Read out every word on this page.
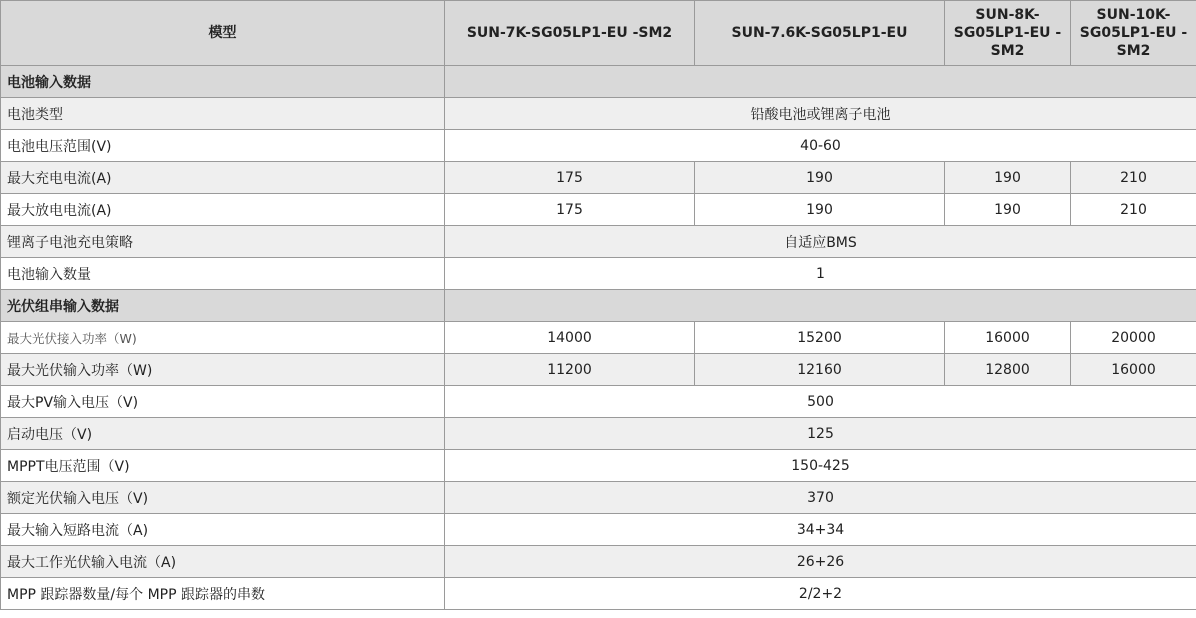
模型	SUN-7K-SG05LP1-EU -SM2	SUN-7.6K-SG05LP1-EU	SUN-8K-SG05LP1-EU -SM2	SUN-10K-SG05LP1-EU -SM2
电池输入数据				
电池类型	铅酸电池或锂离子电池			
电池电压范围(V)	40-60			
最大充电电流(A)	175	190	190	210
最大放电电流(A)	175	190	190	210
锂离子电池充电策略	自适应BMS			
电池输入数量	1			
光伏组串输入数据				
最大光伏接入功率（W)	14000	15200	16000	20000
最大光伏输入功率（W)	11200	12160	12800	16000
最大PV输入电压（V)	500			
启动电压（V)	125			
MPPT电压范围（V)	150-425			
额定光伏输入电压（V)	370			
最大输入短路电流（A)	34+34			
最大工作光伏输入电流（A)	26+26			
MPP 跟踪器数量/每个 MPP 跟踪器的串数	2/2+2			
